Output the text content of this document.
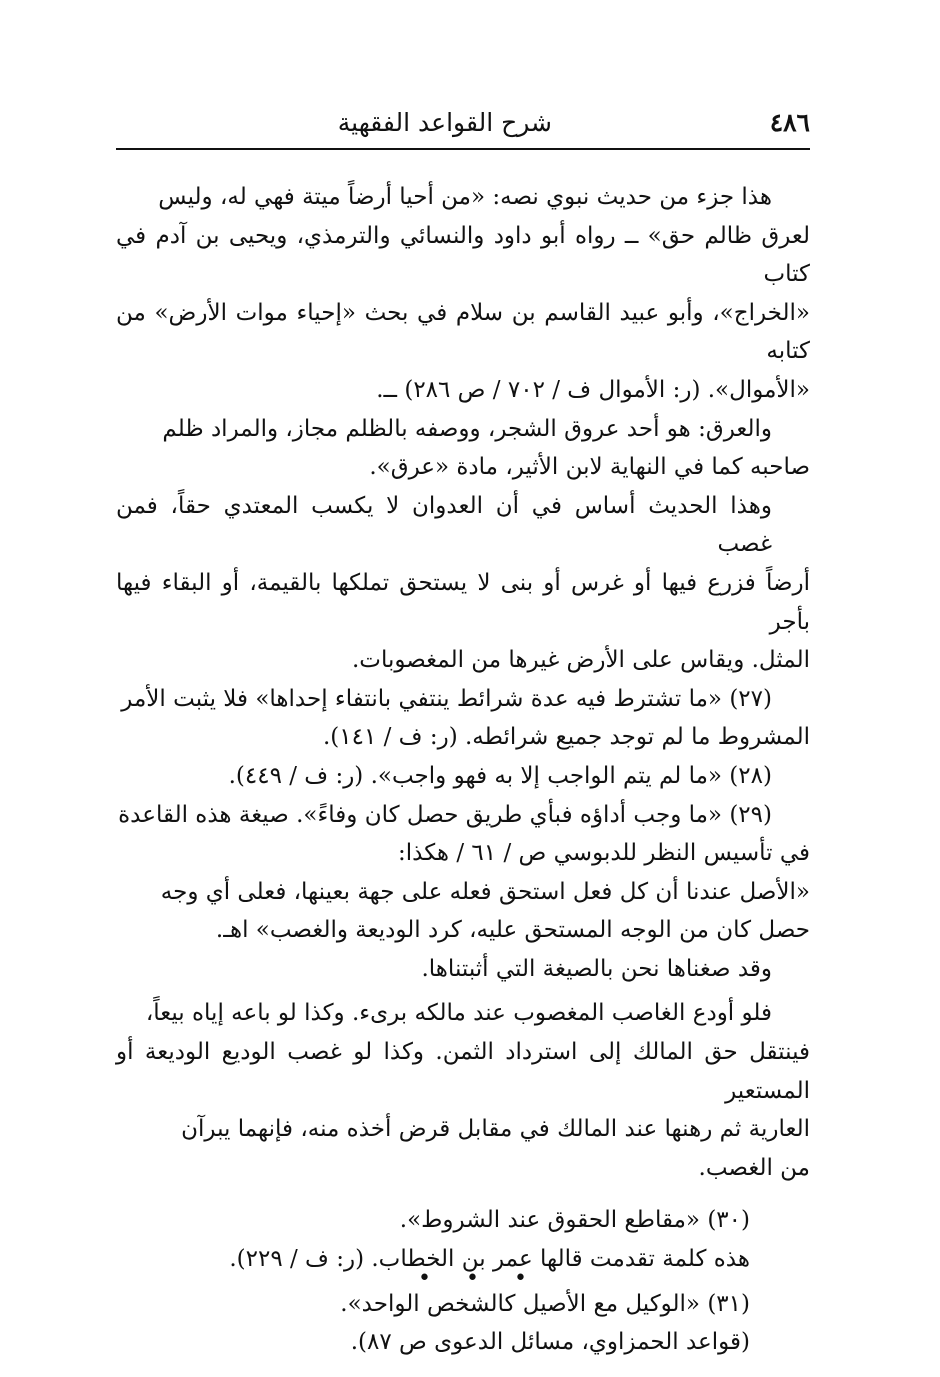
٤٨٦
شرح القواعد الفقهية

هذا جزء من حديث نبوي نصه: «من أحيا أرضاً ميتة فهي له، وليس

لعرق ظالم حق» ــ رواه أبو داود والنسائي والترمذي، ويحيى بن آدم في كتاب

«الخراج»، وأبو عبيد القاسم بن سلام في بحث «إحياء موات الأرض» من كتابه

«الأموال». (ر: الأموال ف / ٧٠٢ / ص ٢٨٦) ــ.

والعرق: هو أحد عروق الشجر، ووصفه بالظلم مجاز، والمراد ظلم

صاحبه كما في النهاية لابن الأثير، مادة «عرق».

وهذا الحديث أساس في أن العدوان لا يكسب المعتدي حقاً، فمن غصب

أرضاً فزرع فيها أو غرس أو بنى لا يستحق تملكها بالقيمة، أو البقاء فيها بأجر

المثل. ويقاس على الأرض غيرها من المغصوبات.

(٢٧) «ما تشترط فيه عدة شرائط ينتفي بانتفاء إحداها» فلا يثبت الأمر

المشروط ما لم توجد جميع شرائطه. (ر: ف / ١٤١).

(٢٨) «ما لم يتم الواجب إلا به فهو واجب». (ر: ف / ٤٤٩).

(٢٩) «ما وجب أداؤه فبأي طريق حصل كان وفاءً». صيغة هذه القاعدة

في تأسيس النظر للدبوسي ص / ٦١ / هكذا:

«الأصل عندنا أن كل فعل استحق فعله على جهة بعينها، فعلى أي وجه

حصل كان من الوجه المستحق عليه، كرد الوديعة والغصب» اهـ.

وقد صغناها نحن بالصيغة التي أثبتناها.

فلو أودع الغاصب المغصوب عند مالكه برىء. وكذا لو باعه إياه بيعاً،

فينتقل حق المالك إلى استرداد الثمن. وكذا لو غصب الوديع الوديعة أو المستعير

العارية ثم رهنها عند المالك في مقابل قرض أخذه منه، فإنهما يبرآن

من الغصب.

(٣٠) «مقاطع الحقوق عند الشروط».

هذه كلمة تقدمت قالها عمر بن الخطاب. (ر: ف / ٢٢٩).

(٣١) «الوكيل مع الأصيل كالشخص الواحد».

(قواعد الحمزاوي، مسائل الدعوى ص ٨٧).

• • •
